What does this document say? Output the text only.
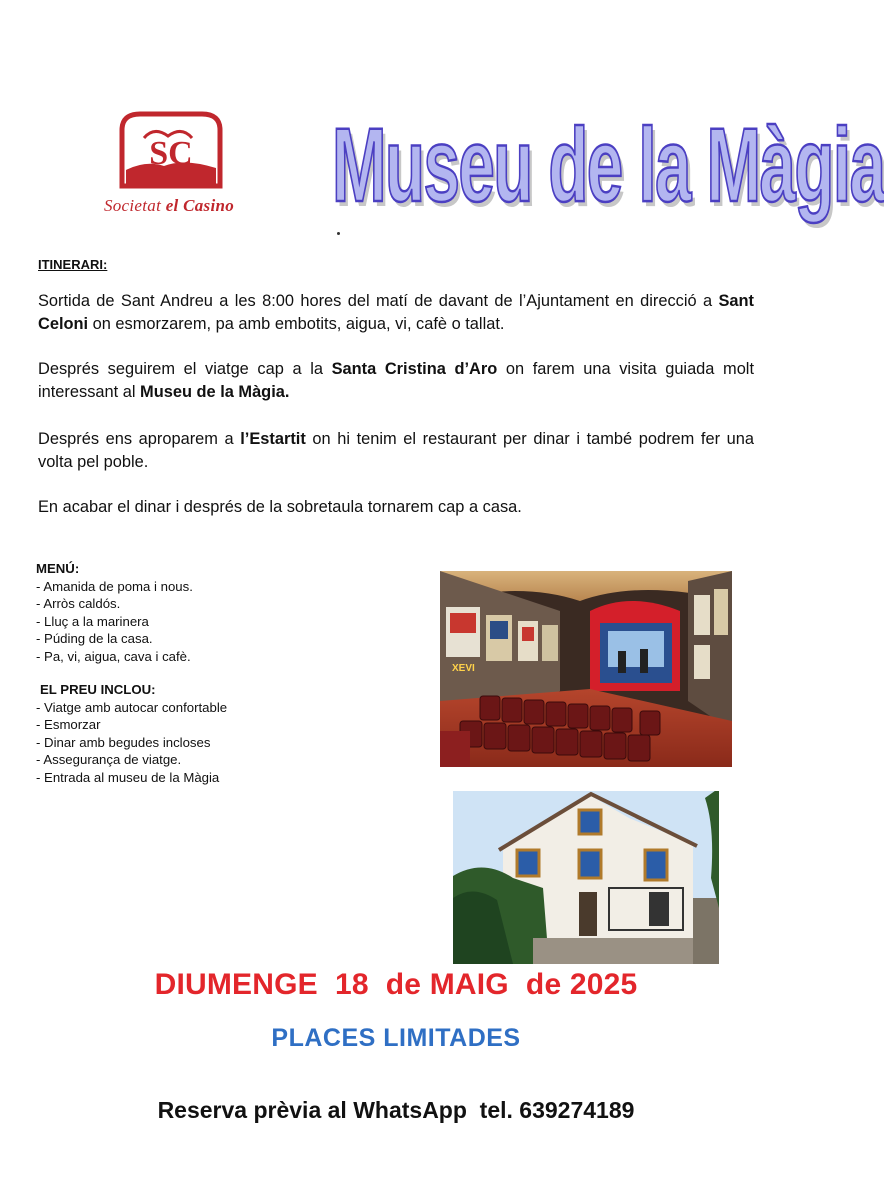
SC
Societat el Casino Museu de la Màgia
ITINERARI:
Sortida de Sant Andreu a les 8:00 hores del matí de davant de l’Ajuntament en direcció a Sant Celoni on esmorzarem, pa amb embotits, aigua, vi, cafè o tallat.
Després seguirem el viatge cap a la Santa Cristina d’Aro on farem una visita guiada molt interessant al Museu de la Màgia.
Després ens aproparem a l’Estartit on hi tenim el restaurant per dinar i també podrem fer una volta pel poble.
En acabar el dinar i després de la sobretaula tornarem cap a casa.
MENÚ:
- Amanida de poma i nous.
- Arròs caldós.
- Lluç a la marinera
- Púding de la casa.
- Pa, vi, aigua, cava i cafè.
EL PREU INCLOU:
- Viatge amb autocar confortable
- Esmorzar
- Dinar amb begudes incloses
- Assegurança de viatge.
- Entrada al museu de la Màgia
XEVI
DIUMENGE  18  de MAIG  de 2025
PLACES LIMITADES
Reserva prèvia al WhatsApp  tel. 639274189
